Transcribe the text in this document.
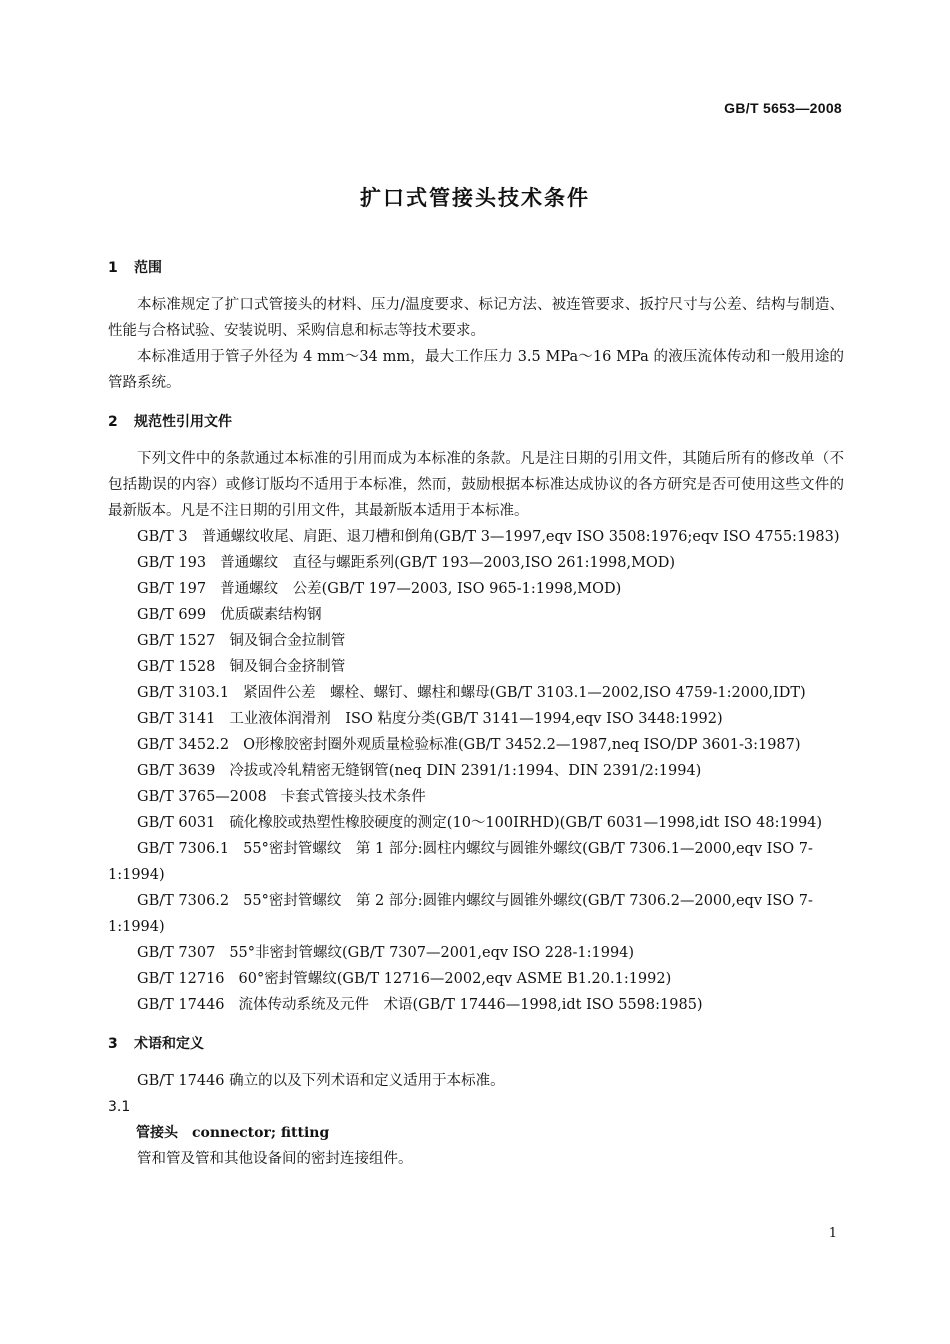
GB/T 5653—2008
扩口式管接头技术条件
1 范围

本标准规定了扩口式管接头的材料、压力/温度要求、标记方法、被连管要求、扳拧尺寸与公差、结构与制造、性能与合格试验、安装说明、采购信息和标志等技术要求。

本标准适用于管子外径为 4 mm～34 mm，最大工作压力 3.5 MPa～16 MPa 的液压流体传动和一般用途的管路系统。

2 规范性引用文件

下列文件中的条款通过本标准的引用而成为本标准的条款。凡是注日期的引用文件，其随后所有的修改单（不包括勘误的内容）或修订版均不适用于本标准，然而，鼓励根据本标准达成协议的各方研究是否可使用这些文件的最新版本。凡是不注日期的引用文件，其最新版本适用于本标准。

GB/T 3 普通螺纹收尾、肩距、退刀槽和倒角(GB/T 3—1997,eqv ISO 3508:1976;eqv ISO 4755:1983)

GB/T 193 普通螺纹　直径与螺距系列(GB/T 193—2003,ISO 261:1998,MOD)

GB/T 197 普通螺纹　公差(GB/T 197—2003, ISO 965-1:1998,MOD)

GB/T 699 优质碳素结构钢

GB/T 1527 铜及铜合金拉制管

GB/T 1528 铜及铜合金挤制管

GB/T 3103.1 紧固件公差　螺栓、螺钉、螺柱和螺母(GB/T 3103.1—2002,ISO 4759-1:2000,IDT)

GB/T 3141 工业液体润滑剂　ISO 粘度分类(GB/T 3141—1994,eqv ISO 3448:1992)

GB/T 3452.2 O形橡胶密封圈外观质量检验标准(GB/T 3452.2—1987,neq ISO/DP 3601-3:1987)

GB/T 3639 冷拔或冷轧精密无缝钢管(neq DIN 2391/1:1994、DIN 2391/2:1994)

GB/T 3765—2008 卡套式管接头技术条件

GB/T 6031 硫化橡胶或热塑性橡胶硬度的测定(10～100IRHD)(GB/T 6031—1998,idt ISO 48:1994)

GB/T 7306.1 55°密封管螺纹　第 1 部分:圆柱内螺纹与圆锥外螺纹(GB/T 7306.1—2000,eqv ISO 7-1:1994)

GB/T 7306.2 55°密封管螺纹　第 2 部分:圆锥内螺纹与圆锥外螺纹(GB/T 7306.2—2000,eqv ISO 7-1:1994)

GB/T 7307 55°非密封管螺纹(GB/T 7307—2001,eqv ISO 228-1:1994)

GB/T 12716 60°密封管螺纹(GB/T 12716—2002,eqv ASME B1.20.1:1992)

GB/T 17446 流体传动系统及元件　术语(GB/T 17446—1998,idt ISO 5598:1985)

3 术语和定义

GB/T 17446 确立的以及下列术语和定义适用于本标准。

3.1

管接头 connector; fitting

管和管及管和其他设备间的密封连接组件。

1
